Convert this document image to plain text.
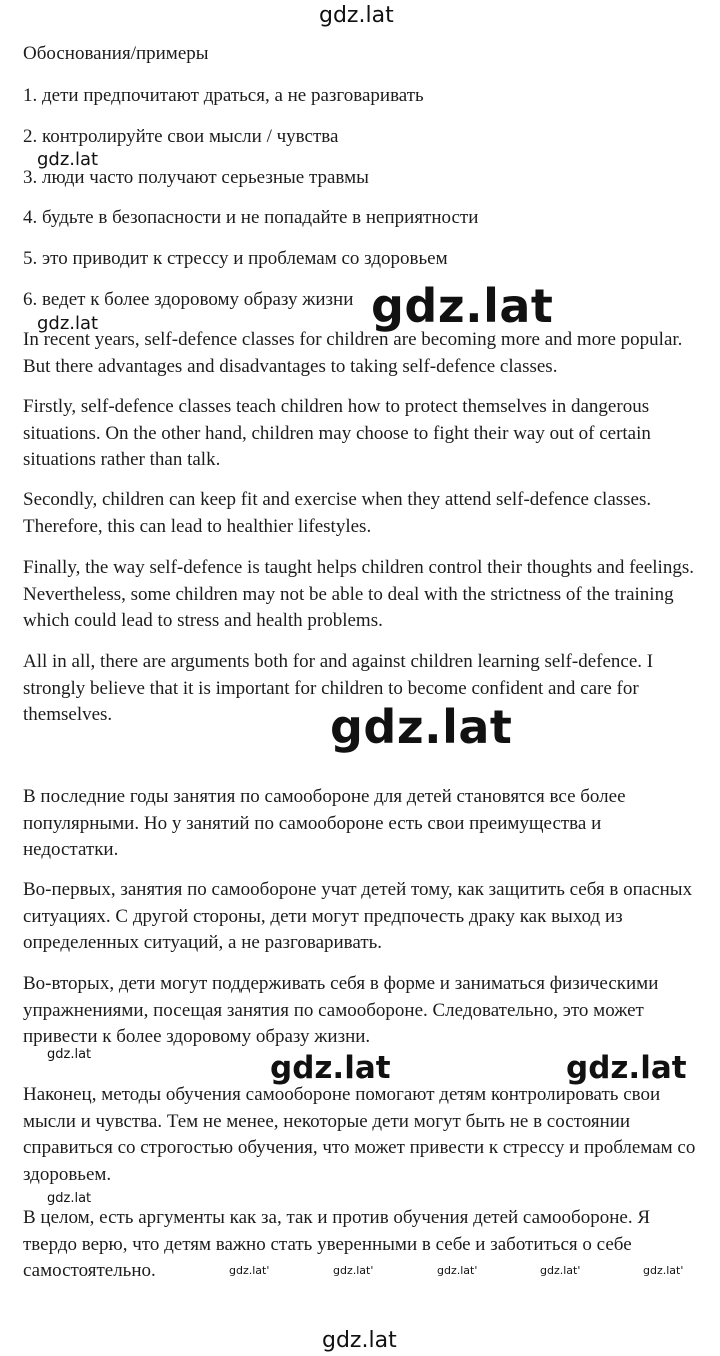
Обоснования/примеры
1. дети предпочитают драться, а не разговаривать
2. контролируйте свои мысли / чувства
3. люди часто получают серьезные травмы
4. будьте в безопасности и не попадайте в неприятности
5. это приводит к стрессу и проблемам со здоровьем
6. ведет к более здоровому образу жизни
In recent years, self-defence classes for children are becoming more and more popular. But there advantages and disadvantages to taking self-defence classes.
Firstly, self-defence classes teach children how to protect themselves in dangerous situations. On the other hand, children may choose to fight their way out of certain situations rather than talk.
Secondly, children can keep fit and exercise when they attend self-defence classes. Therefore, this can lead to healthier lifestyles.
Finally, the way self-defence is taught helps children control their thoughts and feelings. Nevertheless, some children may not be able to deal with the strictness of the training which could lead to stress and health problems.
All in all, there are arguments both for and against children learning self-defence. I strongly believe that it is important for children to become confident and care for themselves.
В последние годы занятия по самообороне для детей становятся все более популярными. Но у занятий по самообороне есть свои преимущества и недостатки.
Во-первых, занятия по самообороне учат детей тому, как защитить себя в опасных ситуациях. С другой стороны, дети могут предпочесть драку как выход из определенных ситуаций, а не разговаривать.
Во-вторых, дети могут поддерживать себя в форме и заниматься физическими упражнениями, посещая занятия по самообороне. Следовательно, это может привести к более здоровому образу жизни.
Наконец, методы обучения самообороне помогают детям контролировать свои мысли и чувства. Тем не менее, некоторые дети могут быть не в состоянии справиться со строгостью обучения, что может привести к стрессу и проблемам со здоровьем.
В целом, есть аргументы как за, так и против обучения детей самообороне. Я твердо верю, что детям важно стать уверенными в себе и заботиться о себе самостоятельно.
gdz.lat
gdz.lat
gdz.lat	gdz.lat
gdz.lat
gdz.lat	gdz.lat	gdz.lat
gdz.lat
gdz.lat'	gdz.lat'	gdz.lat'	gdz.lat'	gdz.lat'
gdz.lat
